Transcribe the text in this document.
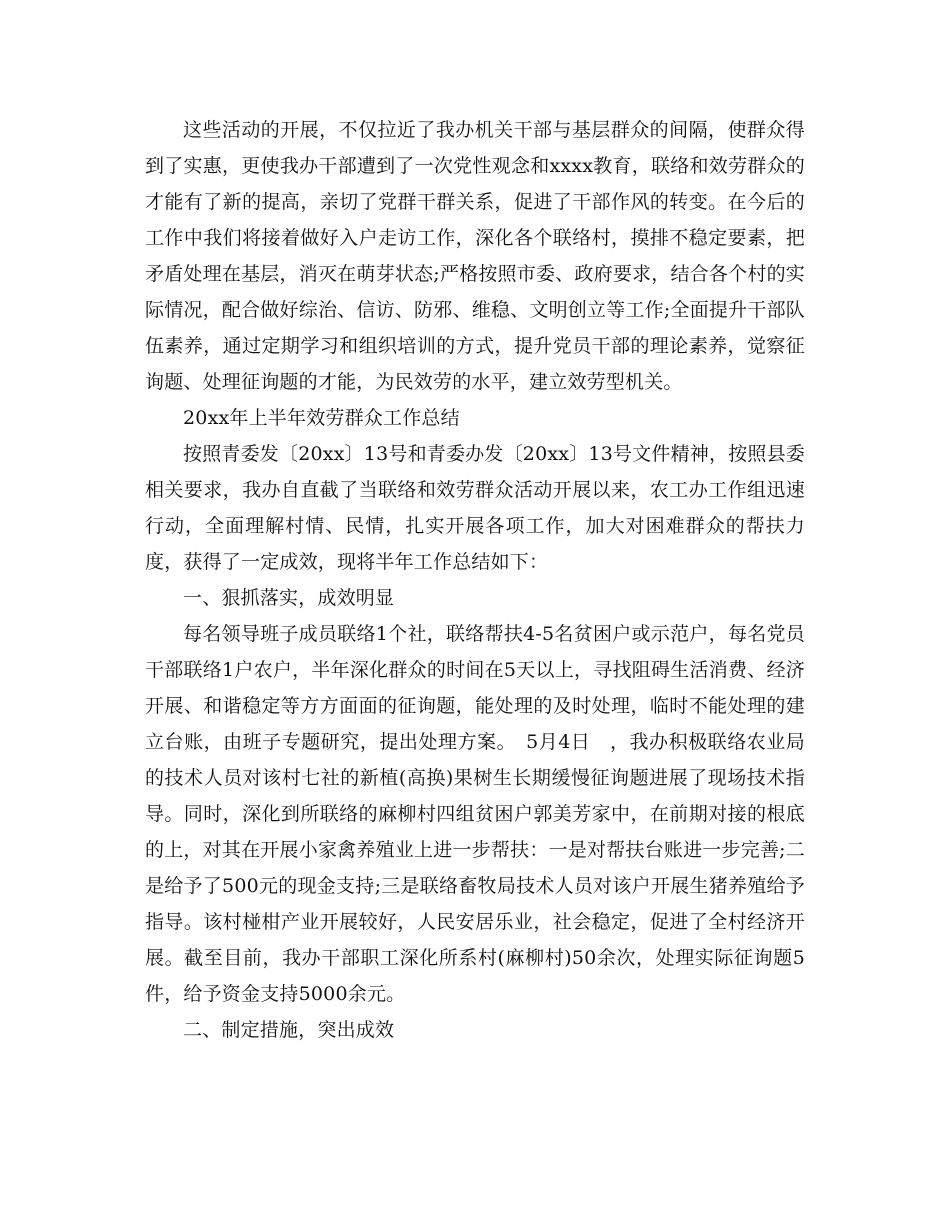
这些活动的开展，不仅拉近了我办机关干部与基层群众的间隔，使群众得到了实惠，更使我办干部遭到了一次党性观念和xxxx教育，联络和效劳群众的才能有了新的提高，亲切了党群干群关系，促进了干部作风的转变。在今后的工作中我们将接着做好入户走访工作，深化各个联络村，摸排不稳定要素，把矛盾处理在基层，消灭在萌芽状态;严格按照市委、政府要求，结合各个村的实际情况，配合做好综治、信访、防邪、维稳、文明创立等工作;全面提升干部队伍素养，通过定期学习和组织培训的方式，提升党员干部的理论素养，觉察征询题、处理征询题的才能，为民效劳的水平，建立效劳型机关。

20xx年上半年效劳群众工作总结

按照青委发〔20xx〕13号和青委办发〔20xx〕13号文件精神，按照县委相关要求，我办自直截了当联络和效劳群众活动开展以来，农工办工作组迅速行动，全面理解村情、民情，扎实开展各项工作，加大对困难群众的帮扶力度，获得了一定成效，现将半年工作总结如下：

一、狠抓落实，成效明显

每名领导班子成员联络1个社，联络帮扶4-5名贫困户或示范户，每名党员干部联络1户农户，半年深化群众的时间在5天以上，寻找阻碍生活消费、经济开展、和谐稳定等方方面面的征询题，能处理的及时处理，临时不能处理的建立台账，由班子专题研究，提出处理方案。　5月4日　，我办积极联络农业局的技术人员对该村七社的新植(高换)果树生长期缓慢征询题进展了现场技术指导。同时，深化到所联络的麻柳村四组贫困户郭美芳家中，在前期对接的根底的上，对其在开展小家禽养殖业上进一步帮扶：一是对帮扶台账进一步完善;二是给予了500元的现金支持;三是联络畜牧局技术人员对该户开展生猪养殖给予指导。该村椪柑产业开展较好，人民安居乐业，社会稳定，促进了全村经济开展。截至目前，我办干部职工深化所系村(麻柳村)50余次，处理实际征询题5件，给予资金支持5000余元。

二、制定措施，突出成效
